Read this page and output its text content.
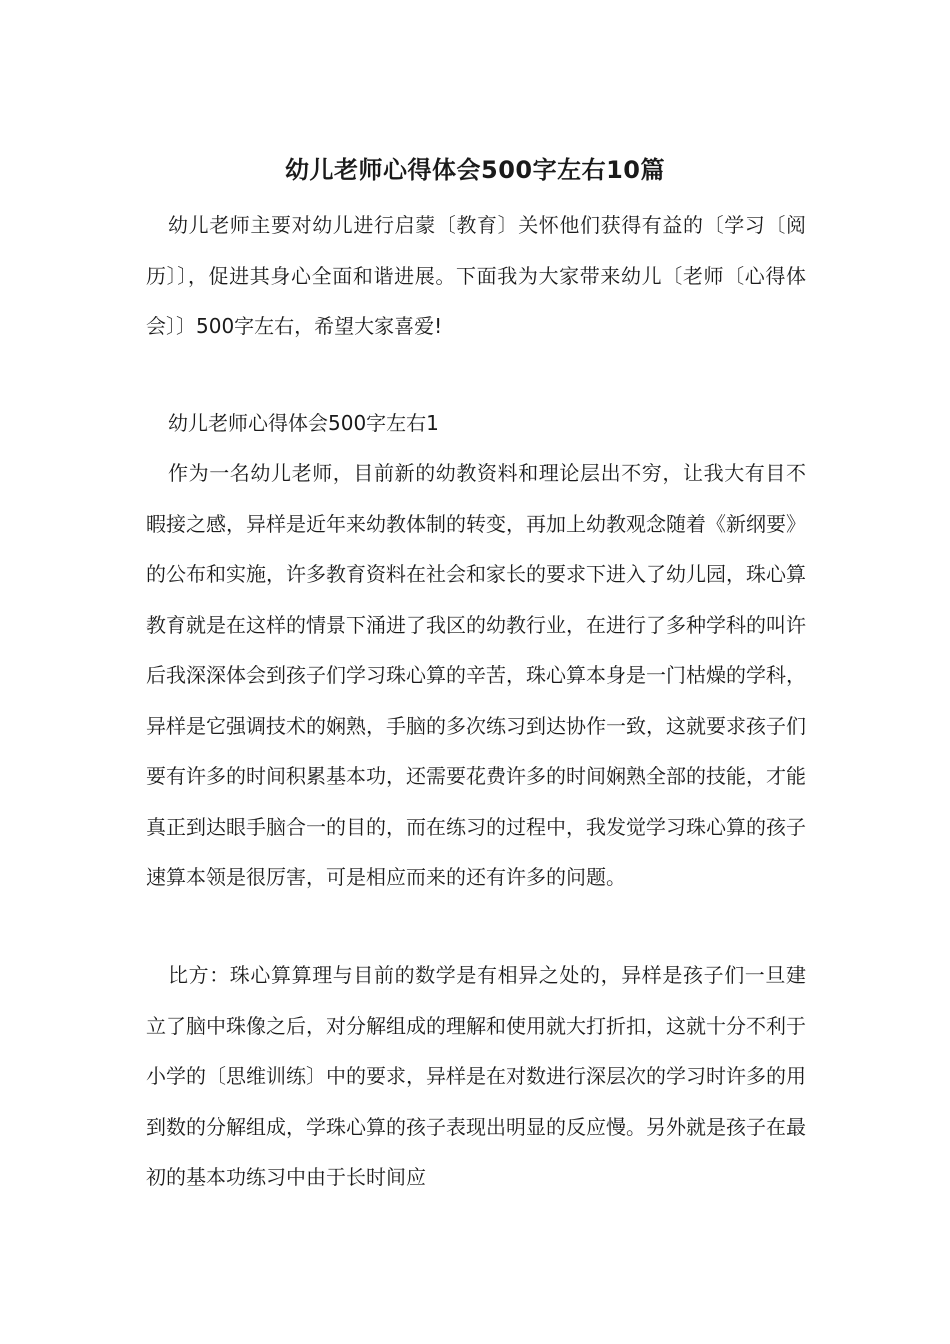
幼儿老师心得体会500字左右10篇

幼儿老师主要对幼儿进行启蒙〔教育〕关怀他们获得有益的〔学习〔阅历〕〕，促进其身心全面和谐进展。下面我为大家带来幼儿〔老师〔心得体会〕〕500字左右，希望大家喜爱!

幼儿老师心得体会500字左右1

作为一名幼儿老师，目前新的幼教资料和理论层出不穷，让我大有目不暇接之感，异样是近年来幼教体制的转变，再加上幼教观念随着《新纲要》的公布和实施，许多教育资料在社会和家长的要求下进入了幼儿园，珠心算教育就是在这样的情景下涌进了我区的幼教行业，在进行了多种学科的叫许后我深深体会到孩子们学习珠心算的辛苦，珠心算本身是一门枯燥的学科，异样是它强调技术的娴熟，手脑的多次练习到达协作一致，这就要求孩子们要有许多的时间积累基本功，还需要花费许多的时间娴熟全部的技能，才能真正到达眼手脑合一的目的，而在练习的过程中，我发觉学习珠心算的孩子速算本领是很厉害，可是相应而来的还有许多的问题。

比方：珠心算算理与目前的数学是有相异之处的，异样是孩子们一旦建立了脑中珠像之后，对分解组成的理解和使用就大打折扣，这就十分不利于小学的〔思维训练〕中的要求，异样是在对数进行深层次的学习时许多的用到数的分解组成，学珠心算的孩子表现出明显的反应慢。另外就是孩子在最初的基本功练习中由于长时间应
